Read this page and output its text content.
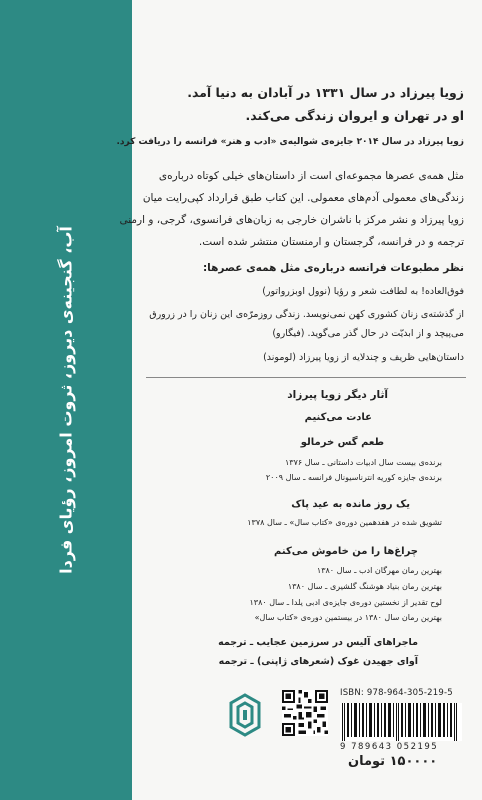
آب، گنجینه‌ی دیروز، ثروت امروز، رؤیای فردا
زویا پیرزاد در سال ۱۳۳۱ در آبادان به دنیا آمد.
او در تهران و ایروان زندگی می‌کند.
زویا پیرزاد در سال ۲۰۱۴ جایزه‌ی شوالیه‌ی «ادب و هنر» فرانسه را دریافت کرد.
مثل همه‌ی عصرها مجموعه‌ای است از داستان‌های خیلی کوتاه درباره‌ی
زندگی‌های معمولی آدم‌های معمولی. این کتاب طبق قرارداد کپی‌رایت میان
زویا پیرزاد و نشر مرکز با ناشران خارجی به زبان‌های فرانسوی، گرجی، و ارمنی
ترجمه و در فرانسه، گرجستان و ارمنستان منتشر شده است.
نظر مطبوعات فرانسه درباره‌ی مثل همه‌ی عصرها:
فوق‌العاده! به لطافت شعر و رؤیا (نوول اوبزرواتور)
از گذشته‌ی زنان کشوری کهن نمی‌نویسد. زندگی روزمرّه‌ی این زنان را در زرورق
می‌پیچد و از ابدیّت در حال گذر می‌گوید. (فیگارو)
داستان‌هایی ظریف و چندلایه از زویا پیرزاد (لوموند)
آثار دیگر زویا پیرزاد
عادت می‌کنیم
طعم گس خرمالو
برنده‌ی بیست سال ادبیات داستانی ـ سال ۱۳۷۶
برنده‌ی جایزه کوریه انترناسیونال فرانسه ـ سال ۲۰۰۹
یک روز مانده به عید پاک
تشویق شده در هفدهمین دوره‌ی «کتاب سال» ـ سال ۱۳۷۸
چراغ‌ها را من خاموش می‌کنم
بهترین رمان مهرگان ادب ـ سال ۱۳۸۰
بهترین رمان بنیاد هوشنگ گلشیری ـ سال ۱۳۸۰
لوح تقدیر از نخستین دوره‌ی جایزه‌ی ادبی یلدا ـ سال ۱۳۸۰
بهترین رمان سال ۱۳۸۰ در بیستمین دوره‌ی «کتاب سال»
ماجراهای آلیس در سرزمین عجایب ـ ترجمه
آوای جهیدن غوک (شعرهای ژاپنی) ـ ترجمه
ISBN: 978-964-305-219-5
9 789643 052195
۱۵۰۰۰۰ تومان
